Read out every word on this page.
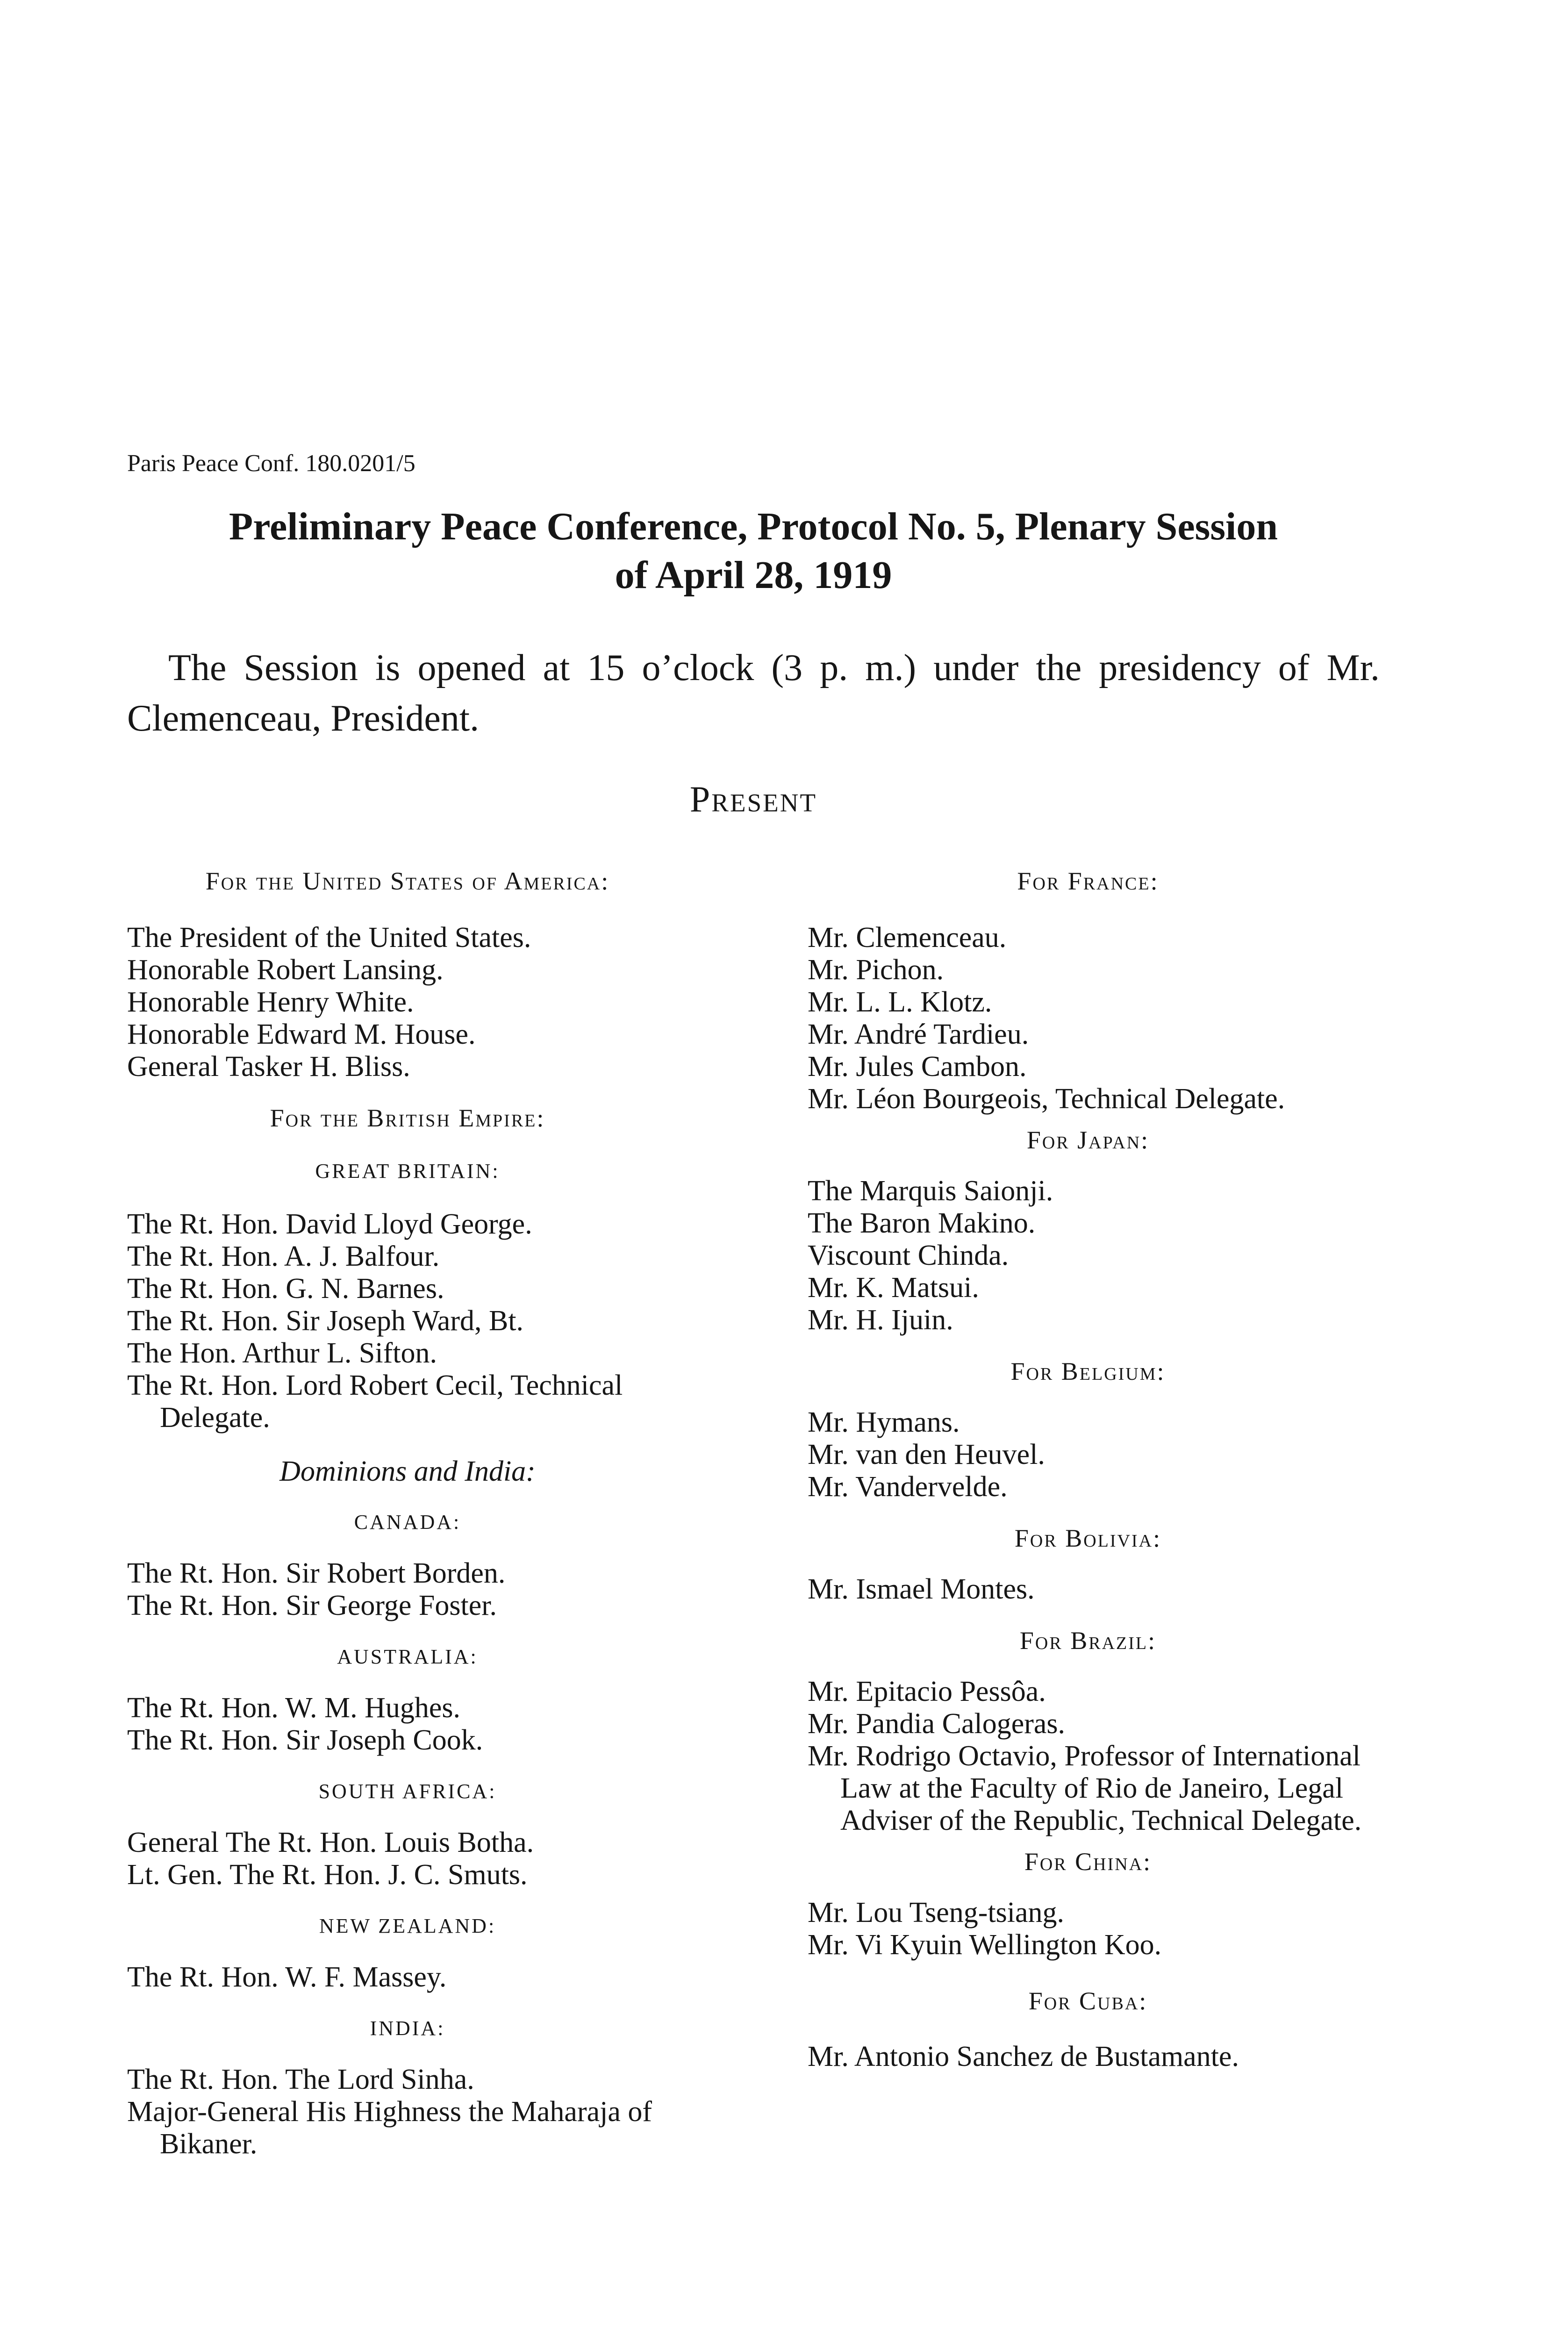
Paris Peace Conf. 180.0201/5
Preliminary Peace Conference, Protocol No. 5, Plenary Session
of April 28, 1919
The Session is opened at 15 o’clock (3 p. m.) under the presidency of Mr. Clemenceau, President.
Present

For the United States of America:

The President of the United States.
Honorable Robert Lansing.
Honorable Henry White.
Honorable Edward M. House.
General Tasker H. Bliss.

For the British Empire:

GREAT BRITAIN:

The Rt. Hon. David Lloyd George.
The Rt. Hon. A. J. Balfour.
The Rt. Hon. G. N. Barnes.
The Rt. Hon. Sir Joseph Ward, Bt.
The Hon. Arthur L. Sifton.
The Rt. Hon. Lord Robert Cecil, Technical Delegate.

Dominions and India:

CANADA:

The Rt. Hon. Sir Robert Borden.
The Rt. Hon. Sir George Foster.

AUSTRALIA:

The Rt. Hon. W. M. Hughes.
The Rt. Hon. Sir Joseph Cook.

SOUTH AFRICA:

General The Rt. Hon. Louis Botha.
Lt. Gen. The Rt. Hon. J. C. Smuts.

NEW ZEALAND:

The Rt. Hon. W. F. Massey.

INDIA:

The Rt. Hon. The Lord Sinha.
Major-General His Highness the Maharaja of Bikaner.

For France:

Mr. Clemenceau.
Mr. Pichon.
Mr. L. L. Klotz.
Mr. André Tardieu.
Mr. Jules Cambon.
Mr. Léon Bourgeois, Technical Delegate.

For Japan:

The Marquis Saionji.
The Baron Makino.
Viscount Chinda.
Mr. K. Matsui.
Mr. H. Ijuin.

For Belgium:

Mr. Hymans.
Mr. van den Heuvel.
Mr. Vandervelde.

For Bolivia:

Mr. Ismael Montes.

For Brazil:

Mr. Epitacio Pessôa.
Mr. Pandia Calogeras.
Mr. Rodrigo Octavio, Professor of International Law at the Faculty of Rio de Janeiro, Legal Adviser of the Republic, Technical Delegate.

For China:

Mr. Lou Tseng-tsiang.
Mr. Vi Kyuin Wellington Koo.

For Cuba:

Mr. Antonio Sanchez de Bustamante.
